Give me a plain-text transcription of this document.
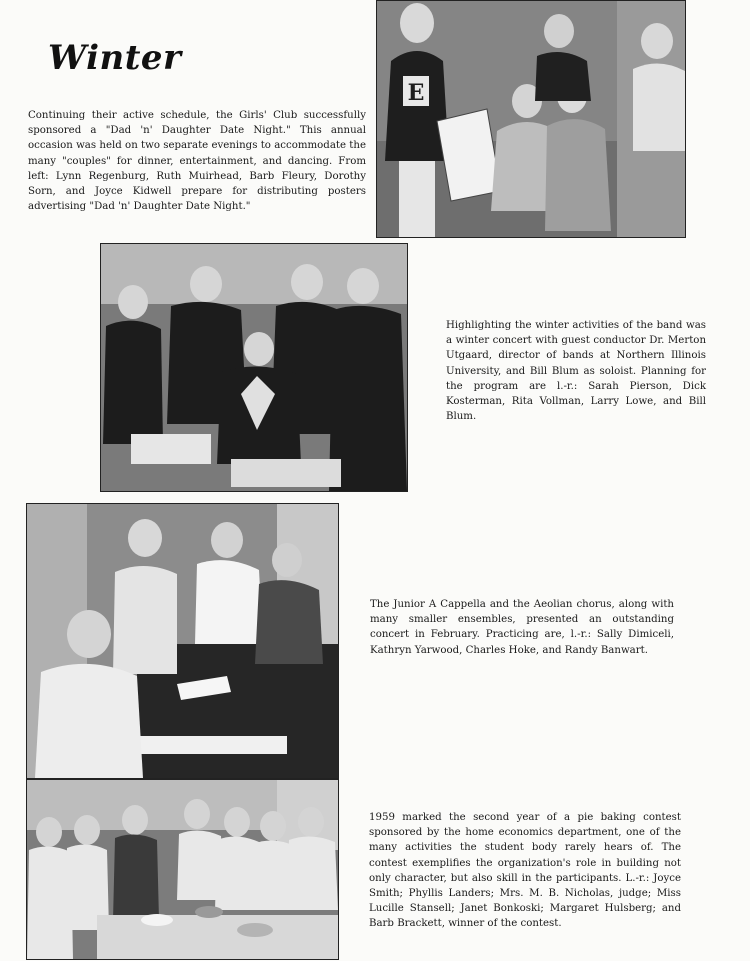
Winter
E
Continuing their active schedule, the Girls' Club successfully sponsored a "Dad 'n' Daughter Date Night." This annual occasion was held on two separate evenings to accommodate the many "couples" for dinner, entertainment, and dancing. From left: Lynn Regenburg, Ruth Muirhead, Barb Fleury, Dorothy Sorn, and Joyce Kidwell prepare for distributing posters advertising "Dad 'n' Daughter Date Night."
Highlighting the winter activities of the band was a winter concert with guest conductor Dr. Merton Utgaard, director of bands at Northern Illinois University, and Bill Blum as soloist. Planning for the program are l.-r.: Sarah Pierson, Dick Kosterman, Rita Vollman, Larry Lowe, and Bill Blum.
The Junior A Cappella and the Aeolian chorus, along with many smaller ensembles, presented an outstanding concert in February. Practicing are, l.-r.: Sally Dimiceli, Kathryn Yarwood, Charles Hoke, and Randy Banwart.
1959 marked the second year of a pie baking contest sponsored by the home economics department, one of the many activities the student body rarely hears of. The contest exemplifies the organization's role in building not only character, but also skill in the participants. L.-r.: Joyce Smith; Phyllis Landers; Mrs. M. B. Nicholas, judge; Miss Lucille Stansell; Janet Bonkoski; Margaret Hulsberg; and Barb Brackett, winner of the contest.
